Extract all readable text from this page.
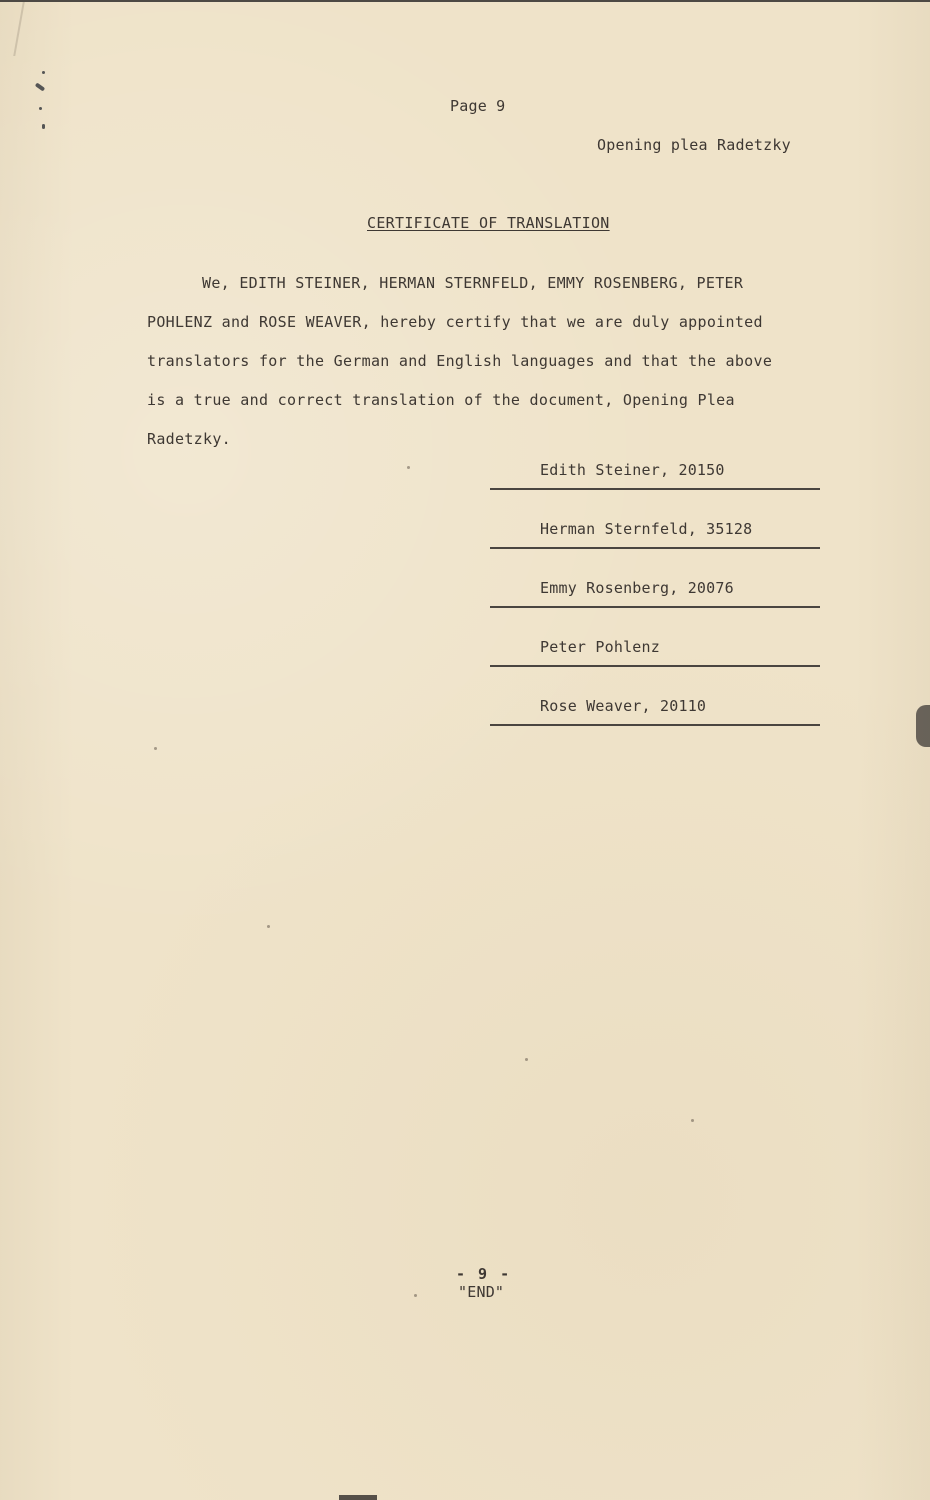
Page 9
Opening plea Radetzky
CERTIFICATE OF TRANSLATION
We, EDITH STEINER, HERMAN STERNFELD, EMMY ROSENBERG, PETER
POHLENZ and ROSE WEAVER, hereby certify that we are duly appointed
translators for the German and English languages and that the above
is a true and correct translation of the document, Opening Plea
Radetzky.
Edith Steiner, 20150
Herman Sternfeld, 35128
Emmy Rosenberg, 20076
Peter Pohlenz
Rose Weaver, 20110
- 9 -
"END"
